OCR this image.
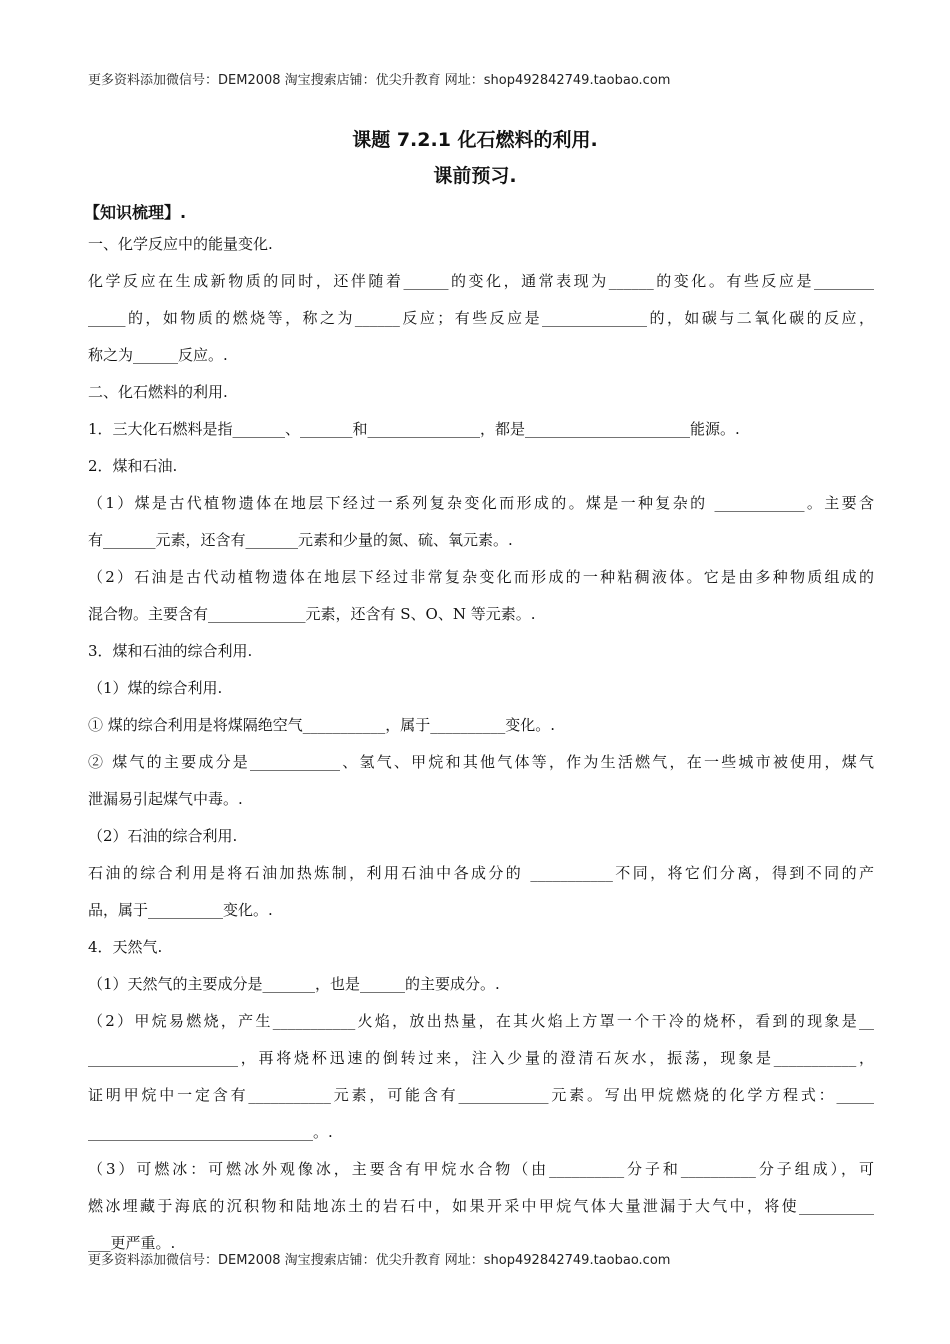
更多资料添加微信号：DEM2008 淘宝搜索店铺：优尖升教育 网址：shop492842749.taobao.com
课题 7.2.1 化石燃料的利用.
课前预习.
【知识梳理】.
一、化学反应中的能量变化.
化学反应在生成新物质的同时，还伴随着______的变化，通常表现为______的变化。有些反应是________
_____的，如物质的燃烧等，称之为______反应；有些反应是______________的，如碳与二氧化碳的反应，
称之为______反应。.
二、化石燃料的利用.
1．三大化石燃料是指_______、_______和_______________，都是______________________能源。.
2．煤和石油.
（1）煤是古代植物遗体在地层下经过一系列复杂变化而形成的。煤是一种复杂的 ____________。主要含
有_______元素，还含有_______元素和少量的氮、硫、氧元素。.
（2）石油是古代动植物遗体在地层下经过非常复杂变化而形成的一种粘稠液体。它是由多种物质组成的
混合物。主要含有_____________元素，还含有 S、O、N 等元素。.
3．煤和石油的综合利用.
（1）煤的综合利用.
① 煤的综合利用是将煤隔绝空气___________，属于__________变化。.
② 煤气的主要成分是____________、氢气、甲烷和其他气体等，作为生活燃气，在一些城市被使用，煤气
泄漏易引起煤气中毒。.
（2）石油的综合利用.
石油的综合利用是将石油加热炼制，利用石油中各成分的 ___________不同，将它们分离，得到不同的产
品，属于__________变化。.
4．天然气.
（1）天然气的主要成分是_______，也是______的主要成分。.
（2）甲烷易燃烧，产生___________火焰，放出热量，在其火焰上方罩一个干冷的烧杯，看到的现象是__
____________________，再将烧杯迅速的倒转过来，注入少量的澄清石灰水，振荡，现象是___________，
证明甲烷中一定含有___________元素，可能含有____________元素。写出甲烷燃烧的化学方程式：_____
______________________________。.
（3）可燃冰：可燃冰外观像冰，主要含有甲烷水合物（由__________分子和__________分子组成），可
燃冰埋藏于海底的沉积物和陆地冻土的岩石中，如果开采中甲烷气体大量泄漏于大气中，将使__________
___更严重。.
更多资料添加微信号：DEM2008 淘宝搜索店铺：优尖升教育 网址：shop492842749.taobao.com
